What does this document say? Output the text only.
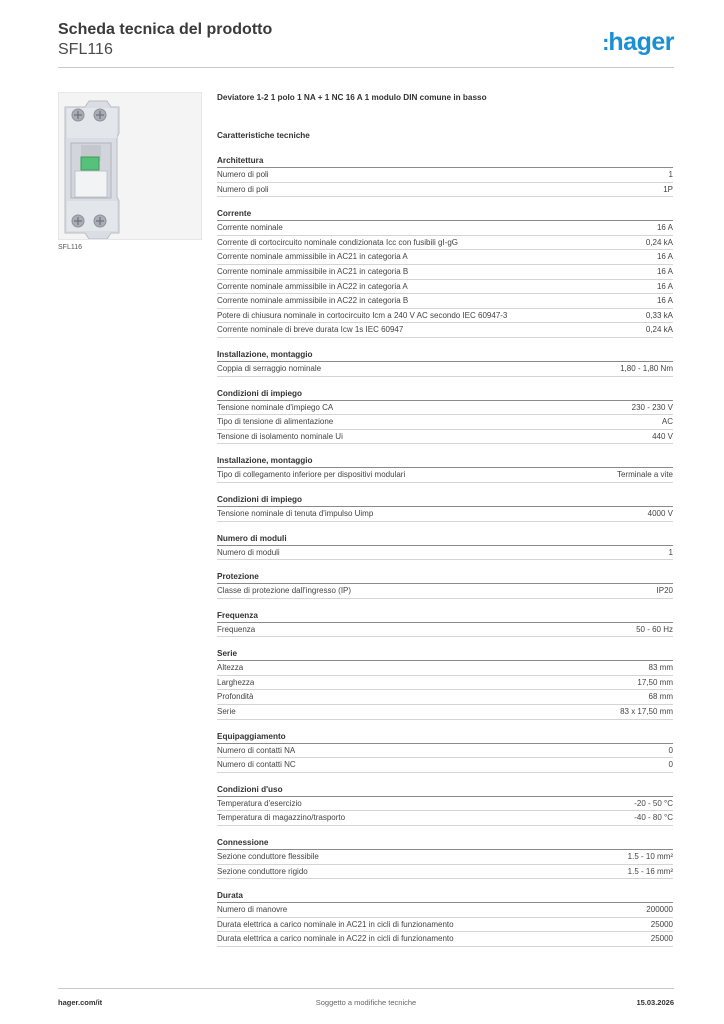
Scheda tecnica del prodotto
SFL116	:hager
SFL116
Deviatore 1-2 1 polo 1 NA + 1 NC 16 A 1 modulo DIN comune in basso
Caratteristiche tecniche
Architettura
Numero di poli	1
Numero di poli	1P
Corrente
Corrente nominale	16 A
Corrente di cortocircuito nominale condizionata Icc con fusibili gI-gG	0,24 kA
Corrente nominale ammissibile in AC21 in categoria A	16 A
Corrente nominale ammissibile in AC21 in categoria B	16 A
Corrente nominale ammissibile in AC22 in categoria A	16 A
Corrente nominale ammissibile in AC22 in categoria B	16 A
Potere di chiusura nominale in cortocircuito Icm a 240 V AC secondo IEC 60947-3	0,33 kA
Corrente nominale di breve durata Icw 1s IEC 60947	0,24 kA
Installazione, montaggio
Coppia di serraggio nominale	1,80 - 1,80 Nm
Condizioni di impiego
Tensione nominale d'impiego CA	230 - 230 V
Tipo di tensione di alimentazione	AC
Tensione di isolamento nominale Ui	440 V
Installazione, montaggio
Tipo di collegamento inferiore per dispositivi modulari	Terminale a vite
Condizioni di impiego
Tensione nominale di tenuta d'impulso Uimp	4000 V
Numero di moduli
Numero di moduli	1
Protezione
Classe di protezione dall'ingresso (IP)	IP20
Frequenza
Frequenza	50 - 60 Hz
Serie
Altezza	83 mm
Larghezza	17,50 mm
Profondità	68 mm
Serie	83 x 17,50 mm
Equipaggiamento
Numero di contatti NA	0
Numero di contatti NC	0
Condizioni d'uso
Temperatura d'esercizio	-20 - 50 °C
Temperatura di magazzino/trasporto	-40 - 80 °C
Connessione
Sezione conduttore flessibile	1.5 - 10 mm²
Sezione conduttore rigido	1.5 - 16 mm²
Durata
Numero di manovre	200000
Durata elettrica a carico nominale in AC21 in cicli di funzionamento	25000
Durata elettrica a carico nominale in AC22 in cicli di funzionamento	25000
hager.com/it	Soggetto a modifiche tecniche	15.03.2026
